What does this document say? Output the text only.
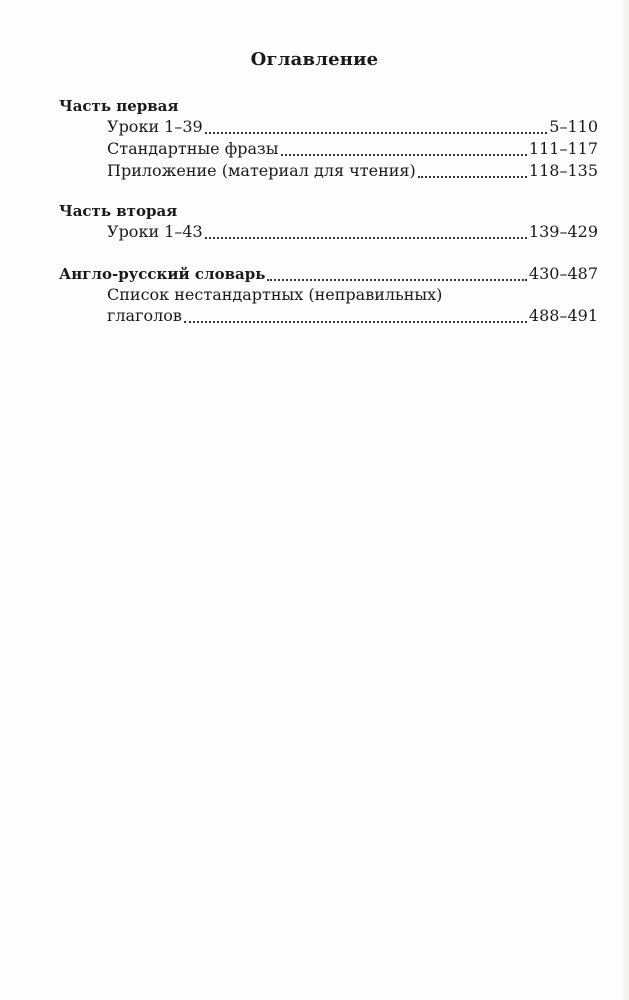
Оглавление
Часть первая
Уроки 1–39	5–110
Стандартные фразы	111–117
Приложение (материал для чтения)	118–135
Часть вторая
Уроки 1–43	139–429
Англо-русский словарь	430–487
Список нестандартных (неправильных)
глаголов	488–491
